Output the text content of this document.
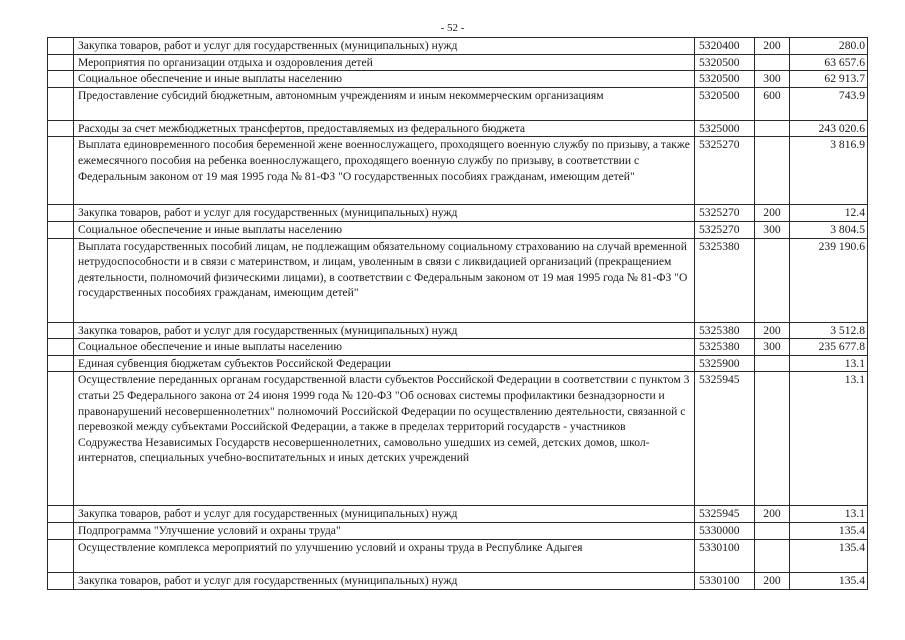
- 52 -
	Закупка товаров, работ и услуг для государственных (муниципальных) нужд	5320400	200	280.0
	Мероприятия по организации отдыха и оздоровления детей	5320500		63 657.6
	Социальное обеспечение и иные выплаты населению	5320500	300	62 913.7
	Предоставление субсидий бюджетным, автономным учреждениям и иным некоммерческим организациям	5320500	600	743.9
	Расходы за счет межбюджетных трансфертов, предоставляемых из федерального бюджета	5325000		243 020.6
	Выплата единовременного пособия беременной жене военнослужащего, проходящего военную службу по призыву, а также ежемесячного пособия на ребенка военнослужащего, проходящего военную службу по призыву, в соответствии с Федеральным законом от 19 мая 1995 года № 81-ФЗ "О государственных пособиях гражданам, имеющим детей"	5325270		3 816.9
	Закупка товаров, работ и услуг для государственных (муниципальных) нужд	5325270	200	12.4
	Социальное обеспечение и иные выплаты населению	5325270	300	3 804.5
	Выплата государственных пособий лицам, не подлежащим обязательному социальному страхованию на случай временной нетрудоспособности и в связи с материнством, и лицам, уволенным в связи с ликвидацией организаций (прекращением деятельности, полномочий физическими лицами), в соответствии с Федеральным законом от 19 мая 1995 года № 81-ФЗ "О государственных пособиях гражданам, имеющим детей"	5325380		239 190.6
	Закупка товаров, работ и услуг для государственных (муниципальных) нужд	5325380	200	3 512.8
	Социальное обеспечение и иные выплаты населению	5325380	300	235 677.8
	Единая субвенция бюджетам субъектов Российской Федерации	5325900		13.1
	Осуществление переданных органам государственной власти субъектов Российской Федерации в соответствии с пунктом 3 статьи 25 Федерального закона от 24 июня 1999 года № 120-ФЗ "Об основах системы профилактики безнадзорности и правонарушений несовершеннолетних" полномочий Российской Федерации по осуществлению деятельности, связанной с перевозкой между субъектами Российской Федерации, а также в пределах территорий государств - участников Содружества Независимых Государств несовершеннолетних, самовольно ушедших из семей, детских домов, школ-интернатов, специальных учебно-воспитательных и иных детских учреждений	5325945		13.1
	Закупка товаров, работ и услуг для государственных (муниципальных) нужд	5325945	200	13.1
	Подпрограмма "Улучшение условий и охраны труда"	5330000		135.4
	Осуществление комплекса мероприятий по улучшению условий и охраны труда в Республике Адыгея	5330100		135.4
	Закупка товаров, работ и услуг для государственных (муниципальных) нужд	5330100	200	135.4
